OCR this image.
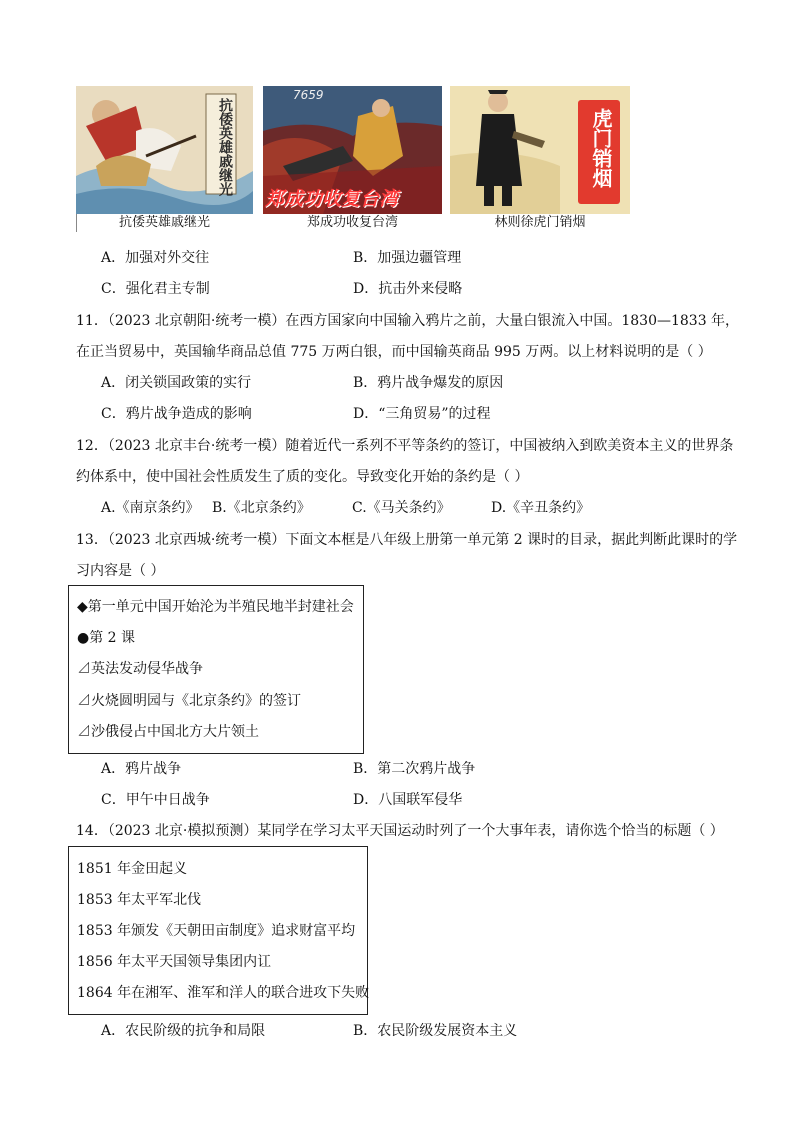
抗倭英雄戚继光
7659
郑成功收复台湾
虎门销烟
抗倭英雄戚继光	郑成功收复台湾	林则徐虎门销烟
A．加强对外交往	B．加强边疆管理
C．强化君主专制	D．抗击外来侵略
11．（2023 北京朝阳·统考一模）在西方国家向中国输入鸦片之前，大量白银流入中国。1830—1833 年，
在正当贸易中，英国输华商品总值 775 万两白银，而中国输英商品 995 万两。以上材料说明的是（ ）
A．闭关锁国政策的实行	B．鸦片战争爆发的原因
C．鸦片战争造成的影响	D．“三角贸易”的过程
12．（2023 北京丰台·统考一模）随着近代一系列不平等条约的签订，中国被纳入到欧美资本主义的世界条
约体系中，使中国社会性质发生了质的变化。导致变化开始的条约是（ ）
A.《南京条约》 B.《北京条约》	C.《马关条约》	D.《辛丑条约》
13．（2023 北京西城·统考一模）下面文本框是八年级上册第一单元第 2 课时的目录，据此判断此课时的学
习内容是（ ）
◆第一单元中国开始沦为半殖民地半封建社会
●第 2 课
⊿英法发动侵华战争
⊿火烧圆明园与《北京条约》的签订
⊿沙俄侵占中国北方大片领土
A．鸦片战争	B．第二次鸦片战争
C．甲午中日战争	D．八国联军侵华
14．（2023 北京·模拟预测）某同学在学习太平天国运动时列了一个大事年表，请你选个恰当的标题（ ）
1851 年金田起义
1853 年太平军北伐
1853 年颁发《天朝田亩制度》追求财富平均
1856 年太平天国领导集团内讧
1864 年在湘军、淮军和洋人的联合进攻下失败
A．农民阶级的抗争和局限	B．农民阶级发展资本主义
